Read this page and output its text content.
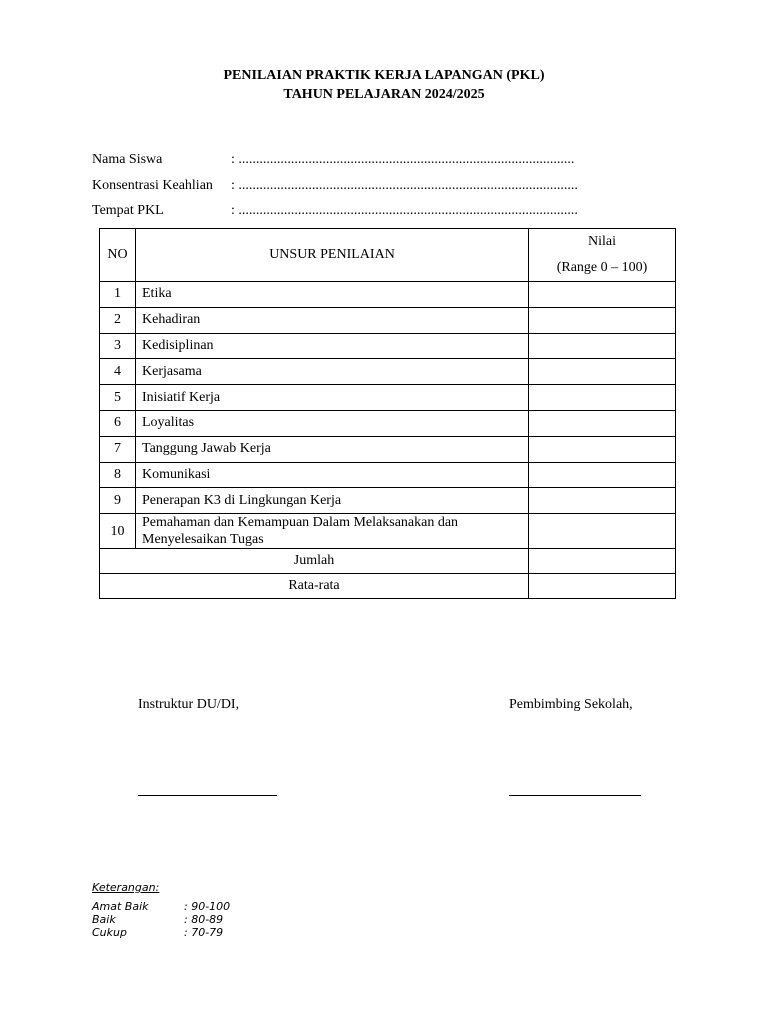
PENILAIAN PRAKTIK KERJA LAPANGAN (PKL)
TAHUN PELAJARAN 2024/2025
Nama Siswa	: ................................................................................................
Konsentrasi Keahlian : .................................................................................................
Tempat PKL	: .................................................................................................
NO	UNSUR PENILAIAN	Nilai
(Range 0 – 100)

1	Etika	
2	Kehadiran	
3	Kedisiplinan	
4	Kerjasama	
5	Inisiatif Kerja	
6	Loyalitas	
7	Tanggung Jawab Kerja	
8	Komunikasi	
9	Penerapan K3 di Lingkungan Kerja	
10	Pemahaman dan Kemampuan Dalam Melaksanakan dan
Menyelesaikan Tugas	

Jumlah		
Rata-rata		
Instruktur DU/DI,	Pembimbing Sekolah,
Keterangan:
Amat Baik	: 90-100
Baik	: 80-89
Cukup	: 70-79
